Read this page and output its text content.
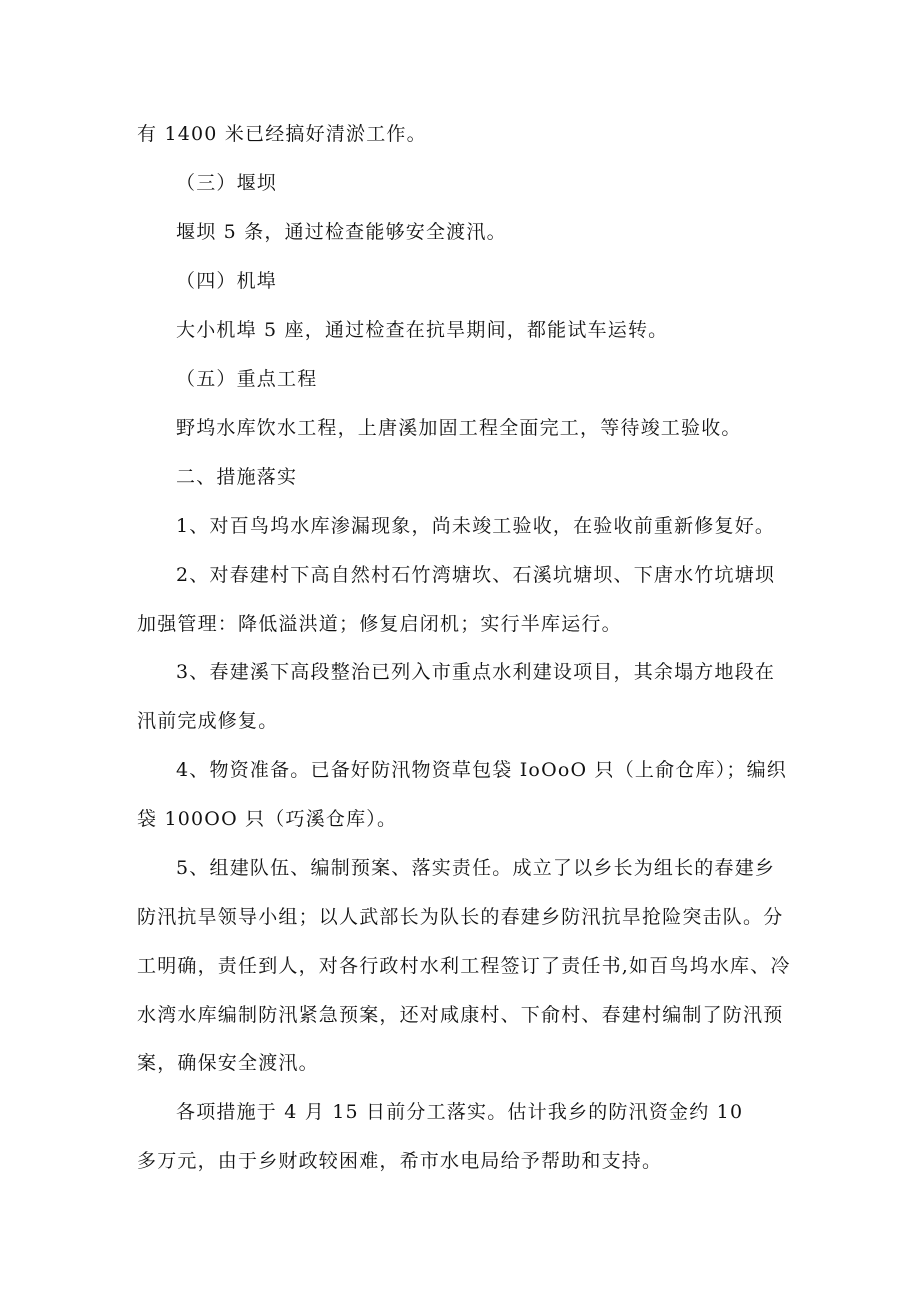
有 1400 米已经搞好清淤工作。
（三）堰坝
堰坝 5 条，通过检查能够安全渡汛。
（四）机埠
大小机埠 5 座，通过检查在抗旱期间，都能试车运转。
（五）重点工程
野坞水库饮水工程，上唐溪加固工程全面完工，等待竣工验收。
二、措施落实
1、对百鸟坞水库渗漏现象，尚未竣工验收，在验收前重新修复好。
2、对春建村下高自然村石竹湾塘坎、石溪坑塘坝、下唐水竹坑塘坝
加强管理：降低溢洪道；修复启闭机；实行半库运行。
3、春建溪下高段整治已列入市重点水利建设项目，其余塌方地段在
汛前完成修复。
4、物资准备。已备好防汛物资草包袋 IoOoO 只（上俞仓库）；编织
袋 100OO 只（巧溪仓库）。
5、组建队伍、编制预案、落实责任。成立了以乡长为组长的春建乡
防汛抗旱领导小组；以人武部长为队长的春建乡防汛抗旱抢险突击队。分
工明确，责任到人，对各行政村水利工程签订了责任书,如百鸟坞水库、冷
水湾水库编制防汛紧急预案，还对咸康村、下俞村、春建村编制了防汛预
案，确保安全渡汛。
各项措施于 4 月 15 日前分工落实。估计我乡的防汛资金约 10
多万元，由于乡财政较困难，希市水电局给予帮助和支持。
